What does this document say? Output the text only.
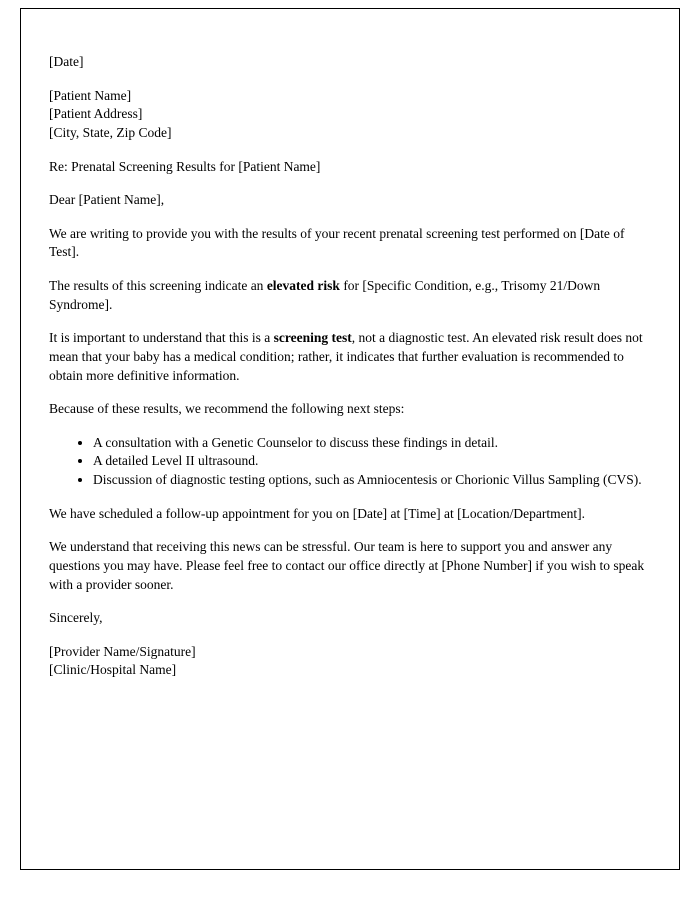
[Date]

[Patient Name]
[Patient Address]
[City, State, Zip Code]

Re: Prenatal Screening Results for [Patient Name]

Dear [Patient Name],

We are writing to provide you with the results of your recent prenatal screening test performed on [Date of Test].

The results of this screening indicate an elevated risk for [Specific Condition, e.g., Trisomy 21/Down Syndrome].

It is important to understand that this is a screening test, not a diagnostic test. An elevated risk result does not mean that your baby has a medical condition; rather, it indicates that further evaluation is recommended to obtain more definitive information.

Because of these results, we recommend the following next steps:

• A consultation with a Genetic Counselor to discuss these findings in detail.
• A detailed Level II ultrasound.
• Discussion of diagnostic testing options, such as Amniocentesis or Chorionic Villus Sampling (CVS).

We have scheduled a follow-up appointment for you on [Date] at [Time] at [Location/Department].

We understand that receiving this news can be stressful. Our team is here to support you and answer any questions you may have. Please feel free to contact our office directly at [Phone Number] if you wish to speak with a provider sooner.

Sincerely,

[Provider Name/Signature]
[Clinic/Hospital Name]
